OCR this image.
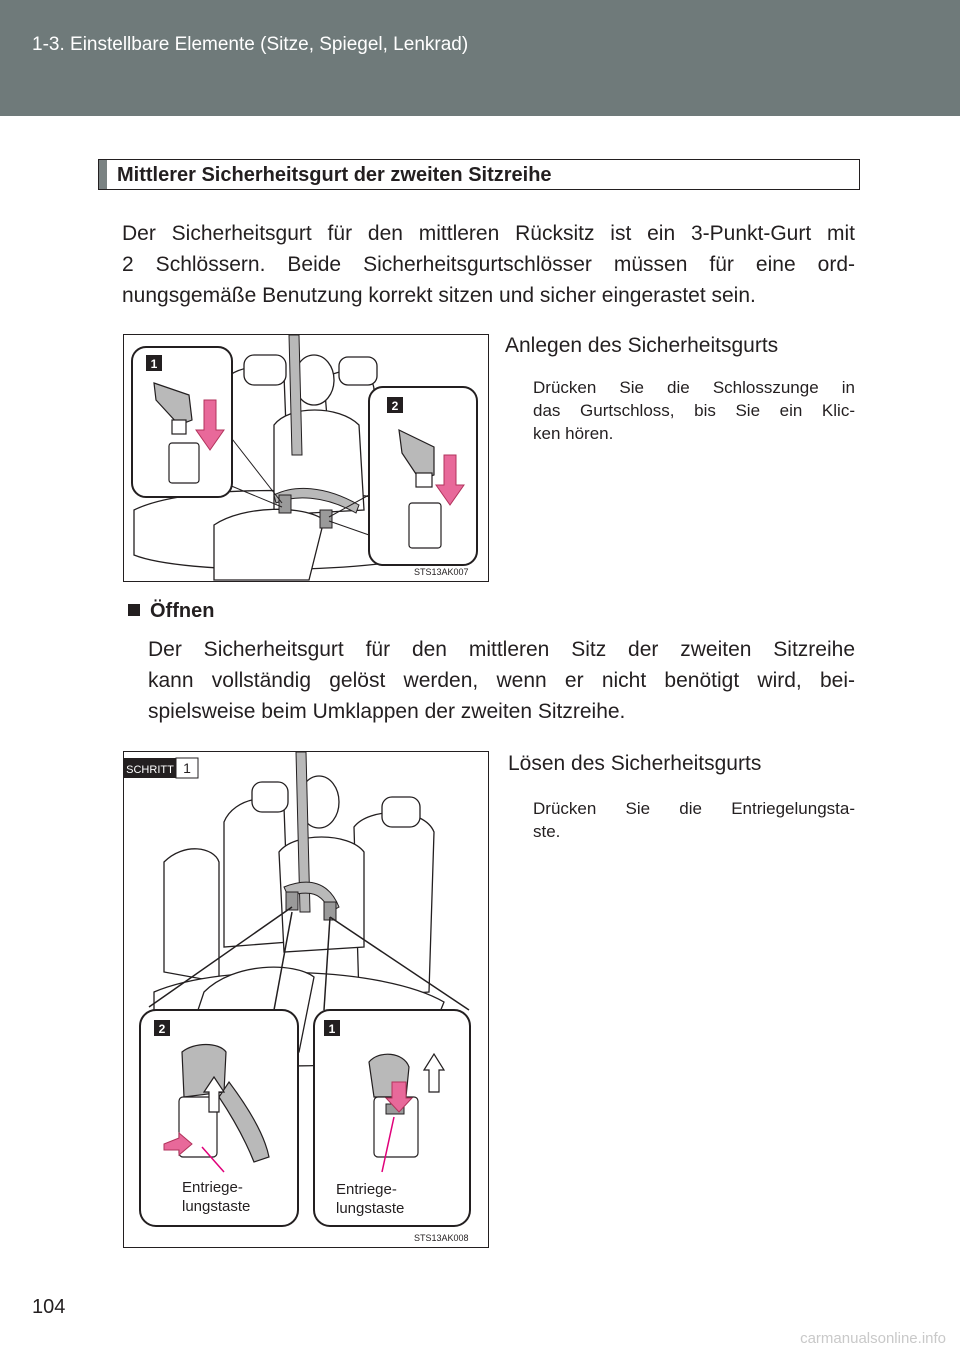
1-3. Einstellbare Elemente (Sitze, Spiegel, Lenkrad)
Mittlerer Sicherheitsgurt der zweiten Sitzreihe
Der Sicherheitsgurt für den mittleren Rücksitz ist ein 3-Punkt-Gurt mit
2 Schlössern. Beide Sicherheitsgurtschlösser müssen für eine ord-
nungsgemäße Benutzung korrekt sitzen und sicher eingerastet sein.
1
2
STS13AK007
Anlegen des Sicherheitsgurts
Drücken Sie die Schlosszunge in
das Gurtschloss, bis Sie ein Klic-
ken hören.
Öffnen
Der Sicherheitsgurt für den mittleren Sitz der zweiten Sitzreihe
kann vollständig gelöst werden, wenn er nicht benötigt wird, bei-
spielsweise beim Umklappen der zweiten Sitzreihe.
SCHRITT 1
2
Entriege-
lungstaste
1
Entriege-
lungstaste
STS13AK008
Lösen des Sicherheitsgurts
Drücken Sie die Entriegelungsta-
ste.
104
carmanualsonline.info
